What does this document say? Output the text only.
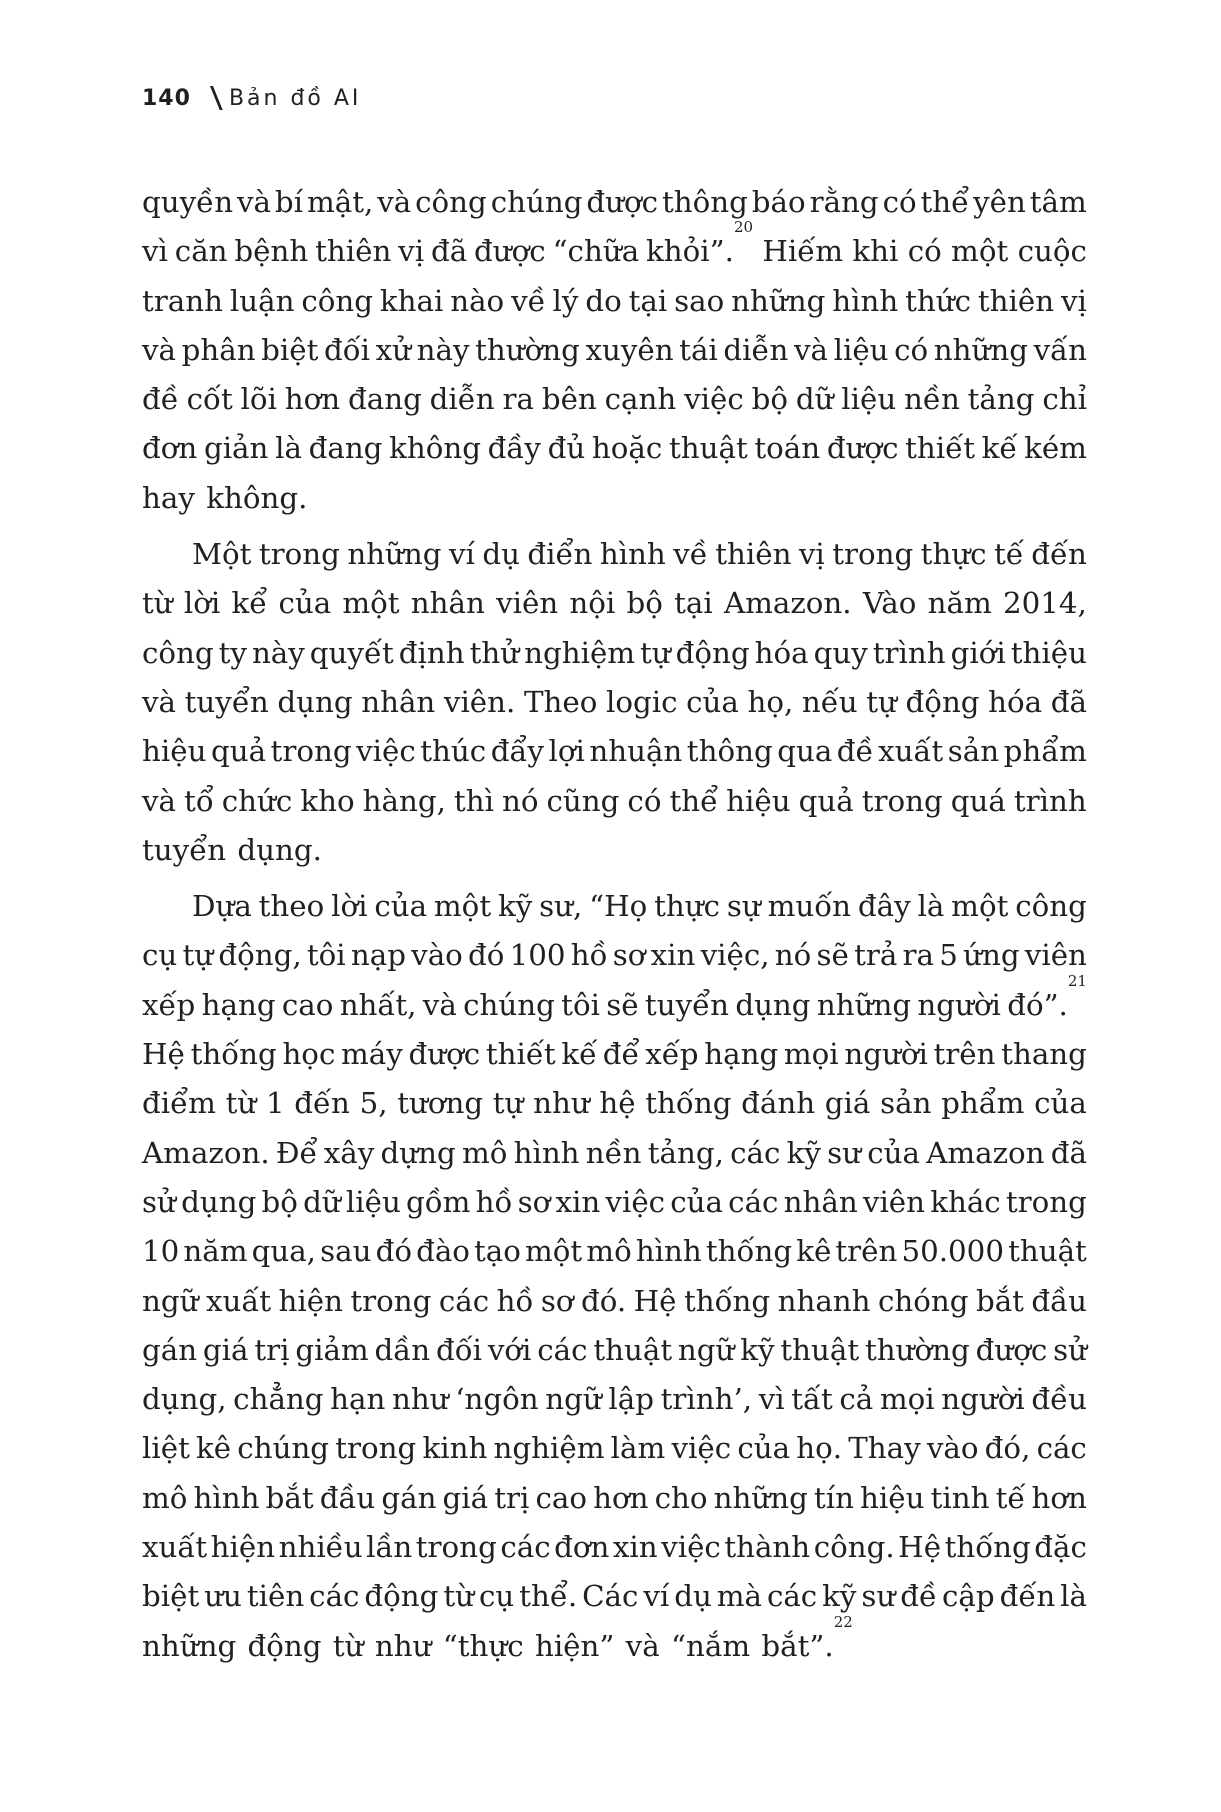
140 Bản đồ AI
quyền và bí mật, và công chúng được thông báo rằng có thể yên tâm
vì căn bệnh thiên vị đã được “chữa khỏi”.
20
Hiếm khi có một cuộc
tranh luận công khai nào về lý do tại sao những hình thức thiên vị
và phân biệt đối xử này thường xuyên tái diễn và liệu có những vấn
đề cốt lõi hơn đang diễn ra bên cạnh việc bộ dữ liệu nền tảng chỉ
đơn giản là đang không đầy đủ hoặc thuật toán được thiết kế kém
hay không.
Một trong những ví dụ điển hình về thiên vị trong thực tế đến
từ lời kể của một nhân viên nội bộ tại Amazon. Vào năm 2014,
công ty này quyết định thử nghiệm tự động hóa quy trình giới thiệu
và tuyển dụng nhân viên. Theo logic của họ, nếu tự động hóa đã
hiệu quả trong việc thúc đẩy lợi nhuận thông qua đề xuất sản phẩm
và tổ chức kho hàng, thì nó cũng có thể hiệu quả trong quá trình
tuyển dụng.
Dựa theo lời của một kỹ sư, “Họ thực sự muốn đây là một công
cụ tự động, tôi nạp vào đó 100 hồ sơ xin việc, nó sẽ trả ra 5 ứng viên
xếp hạng cao nhất, và chúng tôi sẽ tuyển dụng những người đó”.
21
Hệ thống học máy được thiết kế để xếp hạng mọi người trên thang
điểm từ 1 đến 5, tương tự như hệ thống đánh giá sản phẩm của
Amazon. Để xây dựng mô hình nền tảng, các kỹ sư của Amazon đã
sử dụng bộ dữ liệu gồm hồ sơ xin việc của các nhân viên khác trong
10 năm qua, sau đó đào tạo một mô hình thống kê trên 50.000 thuật
ngữ xuất hiện trong các hồ sơ đó. Hệ thống nhanh chóng bắt đầu
gán giá trị giảm dần đối với các thuật ngữ kỹ thuật thường được sử
dụng, chẳng hạn như ‘ngôn ngữ lập trình’, vì tất cả mọi người đều
liệt kê chúng trong kinh nghiệm làm việc của họ. Thay vào đó, các
mô hình bắt đầu gán giá trị cao hơn cho những tín hiệu tinh tế hơn
xuất hiện nhiều lần trong các đơn xin việc thành công. Hệ thống đặc
biệt ưu tiên các động từ cụ thể. Các ví dụ mà các kỹ sư đề cập đến là
những động từ như “thực hiện” và “nắm bắt”.
22
